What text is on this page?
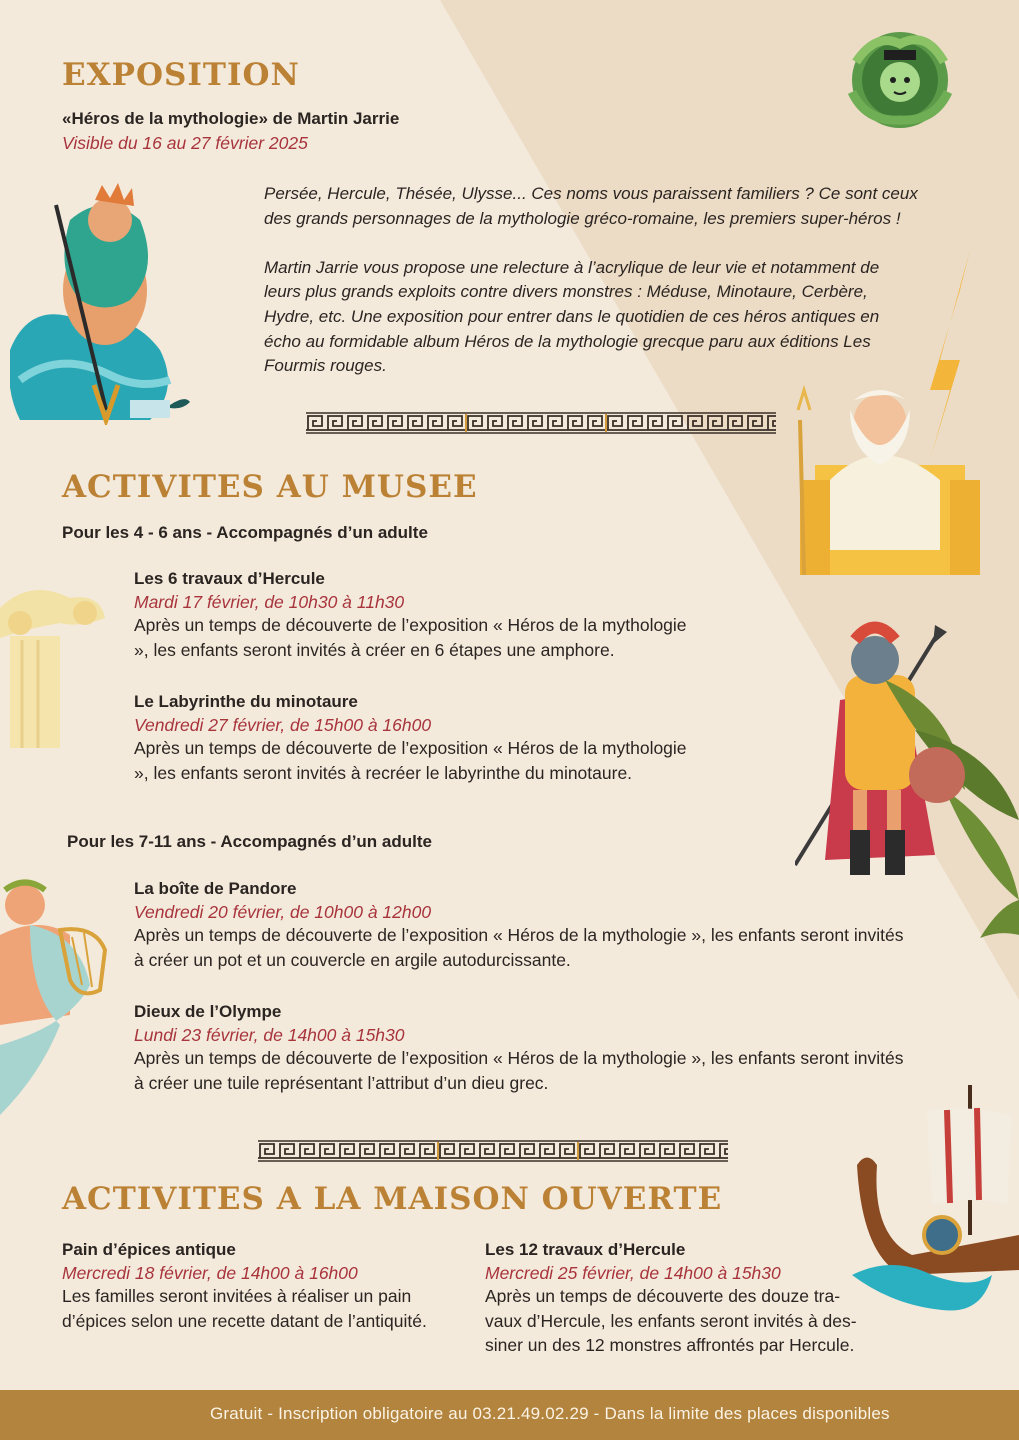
EXPOSITION
«Héros de la mythologie» de Martin Jarrie
Visible du 16 au 27 février 2025
Persée, Hercule, Thésée, Ulysse... Ces noms vous paraissent familiers ? Ce sont ceux
des grands personnages de la mythologie gréco-romaine, les premiers super-héros !
Martin Jarrie vous propose une relecture à l’acrylique de leur vie et notamment de
leurs plus grands exploits contre divers monstres : Méduse, Minotaure, Cerbère,
Hydre, etc. Une exposition pour entrer dans le quotidien de ces héros antiques en
écho au formidable album Héros de la mythologie grecque paru aux éditions Les
Fourmis rouges.
ACTIVITES AU MUSEE
Pour les 4 - 6 ans - Accompagnés d’un adulte
Les 6 travaux d’Hercule
Mardi 17 février, de 10h30 à 11h30
Après un temps de découverte de l’exposition « Héros de la mythologie
», les enfants seront invités à créer en 6 étapes une amphore.
Le Labyrinthe du minotaure
Vendredi 27 février, de 15h00 à 16h00
Après un temps de découverte de l’exposition « Héros de la mythologie
», les enfants seront invités à recréer le labyrinthe du minotaure.
Pour les 7-11 ans - Accompagnés d’un adulte
La boîte de Pandore
Vendredi 20 février, de 10h00 à 12h00
Après un temps de découverte de l’exposition « Héros de la mythologie », les enfants seront invités
à créer un pot et un couvercle en argile autodurcissante.
Dieux de l’Olympe
Lundi 23 février, de 14h00 à 15h30
Après un temps de découverte de l’exposition « Héros de la mythologie », les enfants seront invités
à créer une tuile représentant l’attribut d’un dieu grec.
ACTIVITES A LA MAISON OUVERTE
Pain d’épices antique
Mercredi 18 février, de 14h00 à 16h00
Les familles seront invitées à réaliser un pain
d’épices selon une recette datant de l’antiquité.
Les 12 travaux d’Hercule
Mercredi 25 février, de 14h00 à 15h30
Après un temps de découverte des douze tra-
vaux d’Hercule, les enfants seront invités à des-
siner un des 12 monstres affrontés par Hercule.
Gratuit - Inscription obligatoire au 03.21.49.02.29 - Dans la limite des places disponibles
